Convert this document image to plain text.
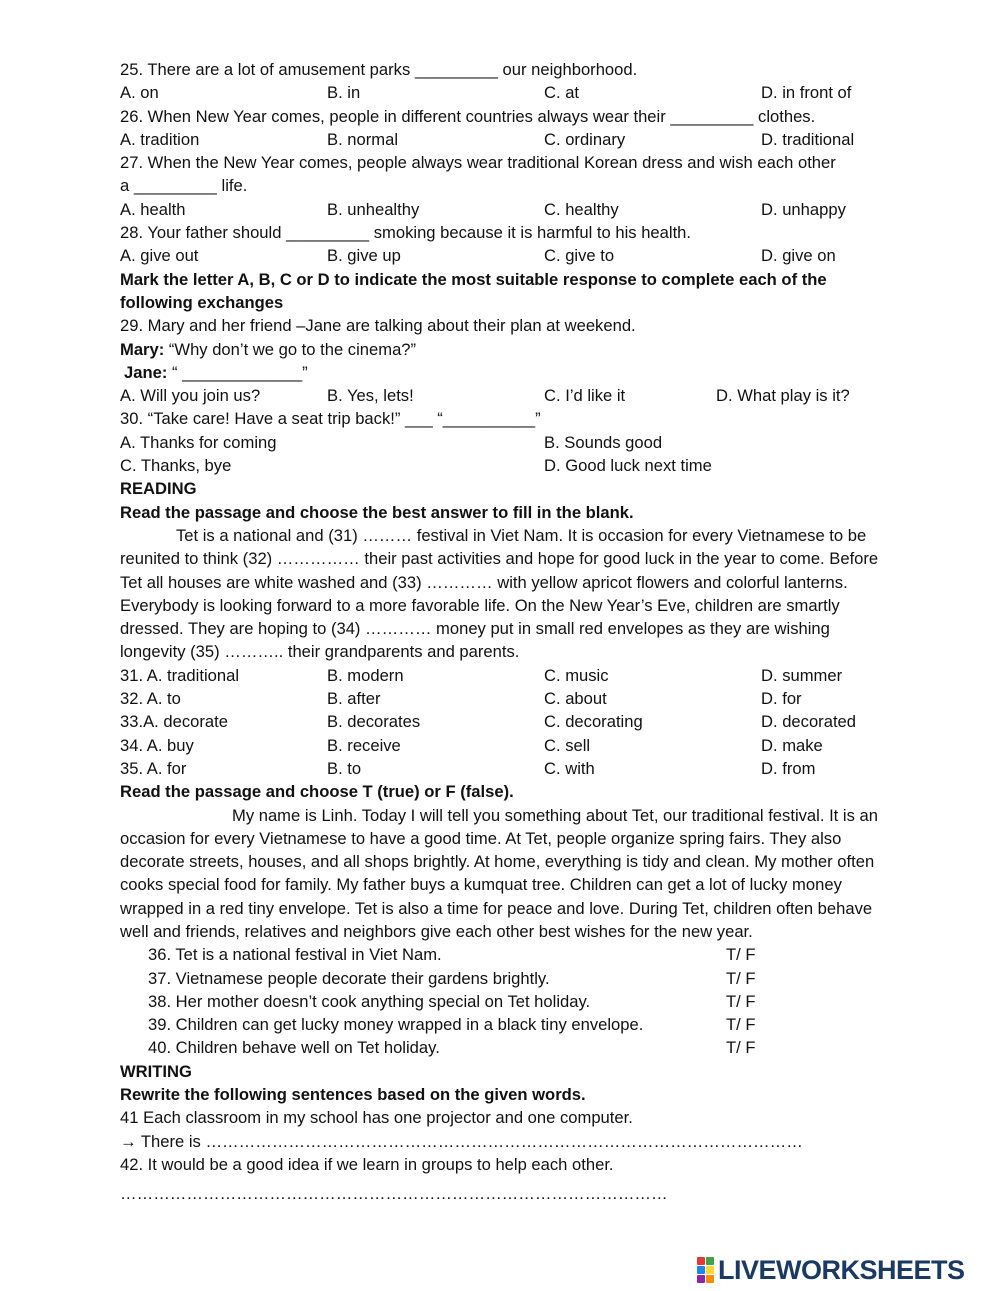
25. There are a lot of amusement parks _________ our neighborhood.
A. on	B. in	C. at	D. in front of
26. When New Year comes, people in different countries always wear their _________ clothes.
A. tradition	B. normal	C. ordinary	D. traditional
27. When the New Year comes, people always wear traditional Korean dress and wish each other
a _________ life.
A. health	B. unhealthy	C. healthy	D. unhappy
28. Your father should _________ smoking because it is harmful to his health.
A. give out	B. give up	C. give to	D. give on
Mark the letter A, B, C or D to indicate the most suitable response to complete each of the following exchanges
29. Mary and her friend –Jane are talking about their plan at weekend.
Mary: “Why don’t we go to the cinema?”
Jane: “ _____________”
A. Will you join us?	B. Yes, lets!	C. I’d like it	D. What play is it?
30. “Take care! Have a seat trip back!” ___ “__________”
A. Thanks for coming	B. Sounds good
C. Thanks, bye	D. Good luck next time
READING
Read the passage and choose the best answer to fill in the blank.
Tet is a national and (31) ……… festival in Viet Nam. It is occasion for every Vietnamese to be reunited to think (32) …………… their past activities and hope for good luck in the year to come. Before Tet all houses are white washed and (33) ………… with yellow apricot flowers and colorful lanterns. Everybody is looking forward to a more favorable life. On the New Year’s Eve, children are smartly dressed. They are hoping to (34) ………… money put in small red envelopes as they are wishing longevity (35) ……….. their grandparents and parents.
31. A. traditional	B. modern	C. music	D. summer
32. A. to	B. after	C. about	D. for
33.A. decorate	B. decorates	C. decorating	D. decorated
34. A. buy	B. receive	C. sell	D. make
35. A. for	B. to	C. with	D. from
Read the passage and choose T (true) or F (false).
My name is Linh. Today I will tell you something about Tet, our traditional festival. It is an occasion for every Vietnamese to have a good time. At Tet, people organize spring fairs. They also decorate streets, houses, and all shops brightly. At home, everything is tidy and clean. My mother often cooks special food for family. My father buys a kumquat tree. Children can get a lot of lucky money wrapped in a red tiny envelope. Tet is also a time for peace and love. During Tet, children often behave well and friends, relatives and neighbors give each other best wishes for the new year.
36. Tet is a national festival in Viet Nam.	T/ F
37. Vietnamese people decorate their gardens brightly.	T/ F
38. Her mother doesn’t cook anything special on Tet holiday.	T/ F
39. Children can get lucky money wrapped in a black tiny envelope.	T/ F
40. Children behave well on Tet holiday.	T/ F
WRITING
Rewrite the following sentences based on the given words.
41 Each classroom in my school has one projector and one computer.
→ There is ………………………………………………………………………………………………
42. It would be a good idea if we learn in groups to help each other.
………………………………………………………………………………………
LIVEWORKSHEETS
